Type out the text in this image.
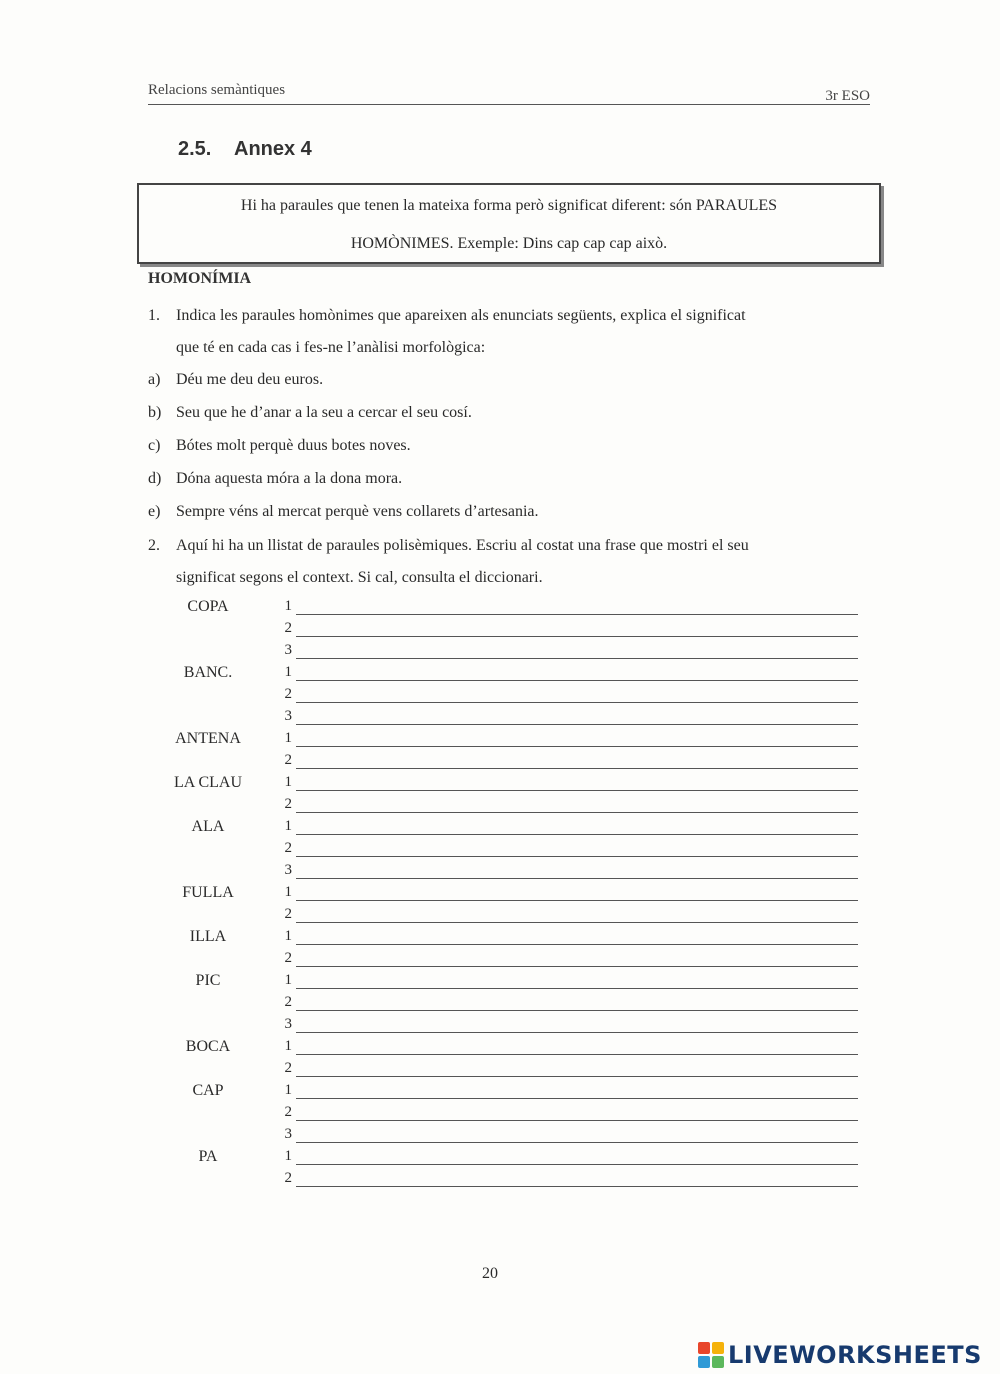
Relacions semàntiques	3r ESO
2.5. Annex 4

Hi ha paraules que tenen la mateixa forma però significat diferent: són PARAULES

HOMÒNIMES. Exemple: Dins cap cap cap això.

HOMONÍMIA
1. Indica les paraules homònimes que apareixen als enunciats següents, explica el significat
que té en cada cas i fes-ne l’anàlisi morfològica:
a) Déu me deu deu euros.
b) Seu que he d’anar a la seu a cercar el seu cosí.
c) Bótes molt perquè duus botes noves.
d) Dóna aquesta móra a la dona mora.
e) Sempre véns al mercat perquè vens collarets d’artesania.
2. Aquí hi ha un llistat de paraules polisèmiques. Escriu al costat una frase que mostri el seu
significat segons el context. Si cal, consulta el diccionari.
COPA	1
2
3
BANC.	1
2
3
ANTENA	1
2
LA CLAU	1
2
ALA	1
2
3
FULLA	1
2
ILLA	1
2
PIC	1
2
3
BOCA	1
2
CAP	1
2
3
PA	1
2
20
LIVEWORKSHEETS
